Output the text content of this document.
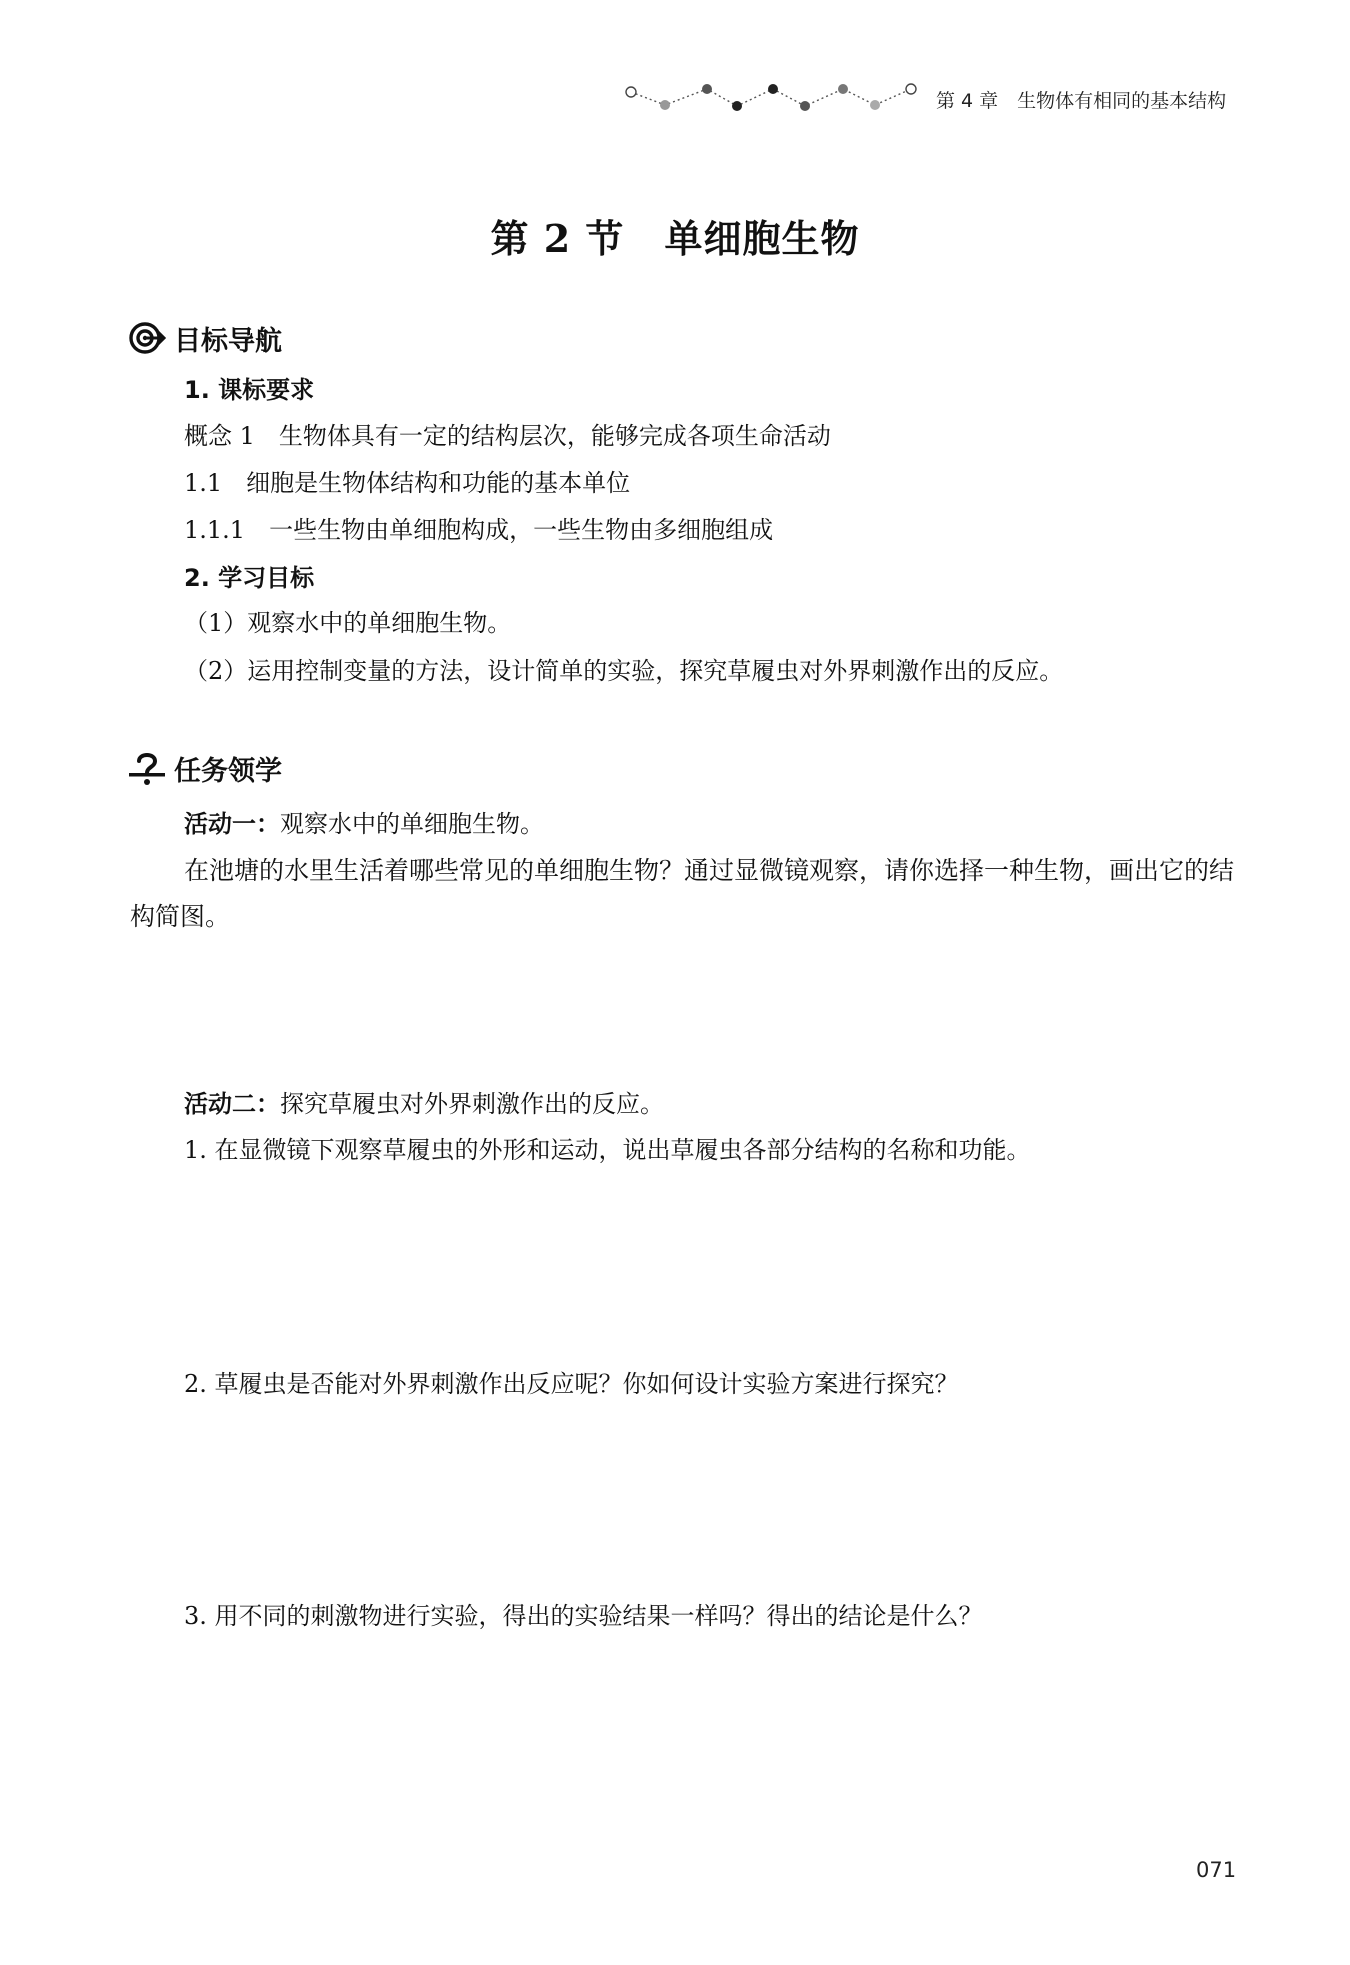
第 4 章　生物体有相同的基本结构
第 2 节 单细胞生物
目标导航
1. 课标要求
概念 1　生物体具有一定的结构层次，能够完成各项生命活动
1.1　细胞是生物体结构和功能的基本单位
1.1.1　一些生物由单细胞构成，一些生物由多细胞组成
2. 学习目标
（1）观察水中的单细胞生物。
（2）运用控制变量的方法，设计简单的实验，探究草履虫对外界刺激作出的反应。
任务领学
活动一：观察水中的单细胞生物。
在池塘的水里生活着哪些常见的单细胞生物？通过显微镜观察，请你选择一种生物，画出它的结构简图。
活动二：探究草履虫对外界刺激作出的反应。
1. 在显微镜下观察草履虫的外形和运动，说出草履虫各部分结构的名称和功能。
2. 草履虫是否能对外界刺激作出反应呢？你如何设计实验方案进行探究？
3. 用不同的刺激物进行实验，得出的实验结果一样吗？得出的结论是什么？
071
